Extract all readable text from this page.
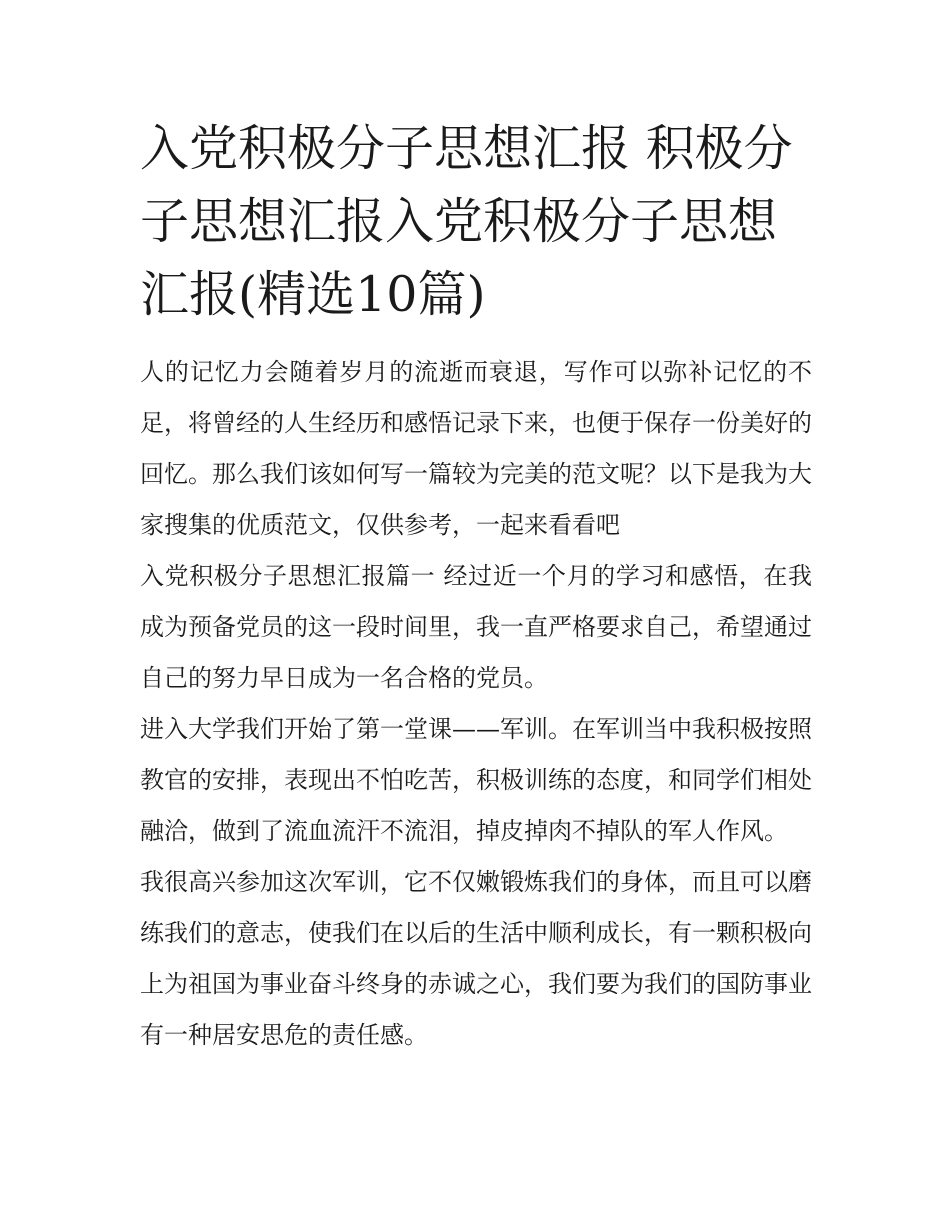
入党积极分子思想汇报 积极分子思想汇报入党积极分子思想汇报(精选10篇)

人的记忆力会随着岁月的流逝而衰退，写作可以弥补记忆的不足，将曾经的人生经历和感悟记录下来，也便于保存一份美好的回忆。那么我们该如何写一篇较为完美的范文呢？以下是我为大家搜集的优质范文，仅供参考，一起来看看吧

入党积极分子思想汇报篇一 经过近一个月的学习和感悟，在我成为预备党员的这一段时间里，我一直严格要求自己，希望通过自己的努力早日成为一名合格的党员。

进入大学我们开始了第一堂课——军训。在军训当中我积极按照教官的安排，表现出不怕吃苦，积极训练的态度，和同学们相处融洽，做到了流血流汗不流泪，掉皮掉肉不掉队的军人作风。

我很高兴参加这次军训，它不仅嫩锻炼我们的身体，而且可以磨练我们的意志，使我们在以后的生活中顺利成长，有一颗积极向上为祖国为事业奋斗终身的赤诚之心，我们要为我们的国防事业有一种居安思危的责任感。
